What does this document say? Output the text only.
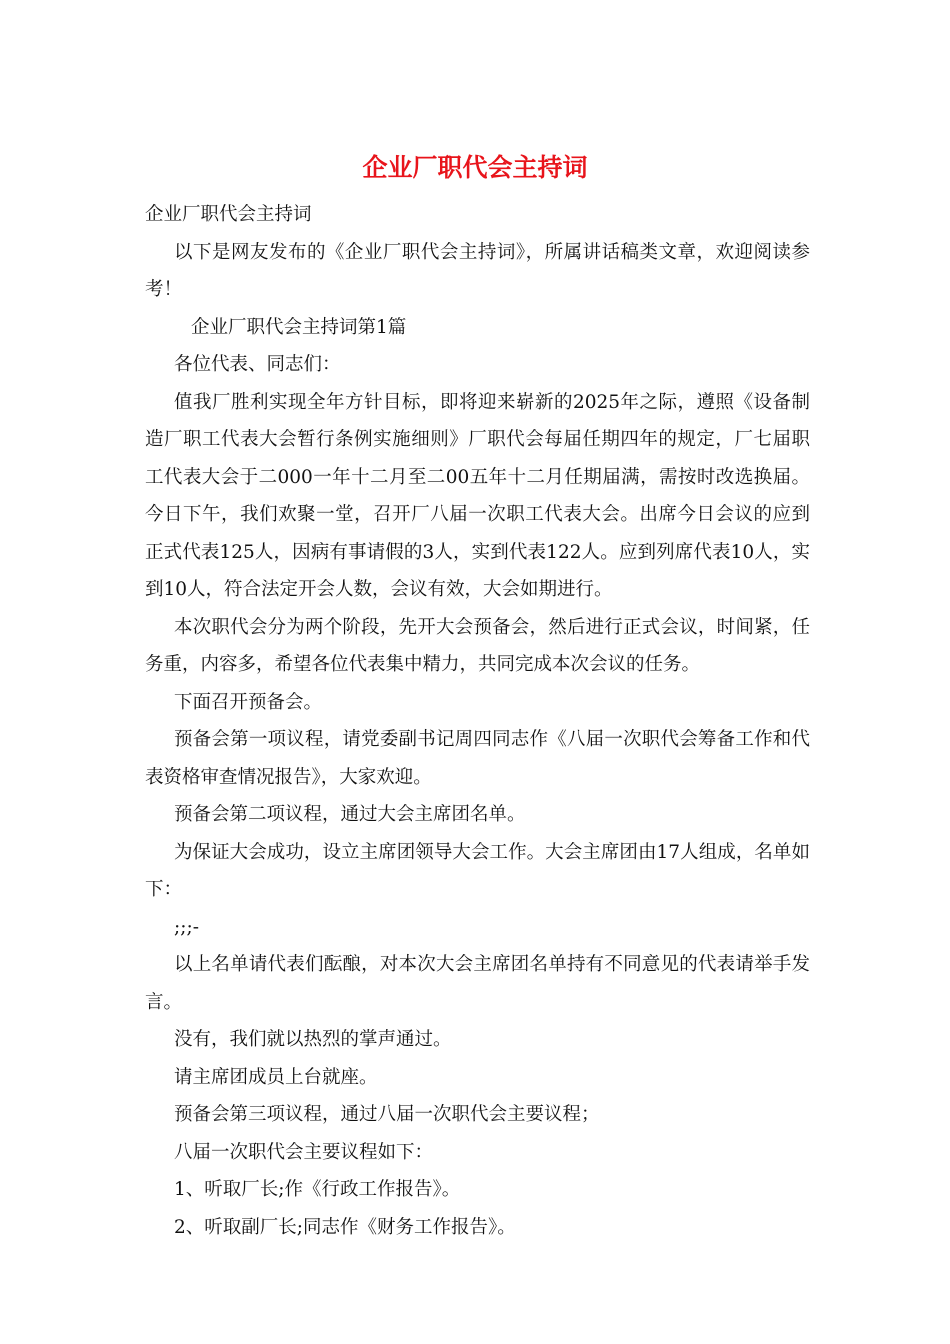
企业厂职代会主持词

企业厂职代会主持词

以下是网友发布的《企业厂职代会主持词》，所属讲话稿类文章，欢迎阅读参考！

企业厂职代会主持词第1篇

各位代表、同志们：

值我厂胜利实现全年方针目标，即将迎来崭新的2025年之际，遵照《设备制造厂职工代表大会暂行条例实施细则》厂职代会每届任期四年的规定，厂七届职工代表大会于二000一年十二月至二00五年十二月任期届满，需按时改选换届。今日下午，我们欢聚一堂，召开厂八届一次职工代表大会。出席今日会议的应到正式代表125人，因病有事请假的3人，实到代表122人。应到列席代表10人，实到10人，符合法定开会人数，会议有效，大会如期进行。

本次职代会分为两个阶段，先开大会预备会，然后进行正式会议，时间紧，任务重，内容多，希望各位代表集中精力，共同完成本次会议的任务。

下面召开预备会。

预备会第一项议程，请党委副书记周四同志作《八届一次职代会筹备工作和代表资格审查情况报告》，大家欢迎。

预备会第二项议程，通过大会主席团名单。

为保证大会成功，设立主席团领导大会工作。大会主席团由17人组成，名单如下：

;;;-

以上名单请代表们酝酿，对本次大会主席团名单持有不同意见的代表请举手发言。

没有，我们就以热烈的掌声通过。

请主席团成员上台就座。

预备会第三项议程，通过八届一次职代会主要议程；

八届一次职代会主要议程如下：

1、听取厂长;作《行政工作报告》。

2、听取副厂长;同志作《财务工作报告》。
